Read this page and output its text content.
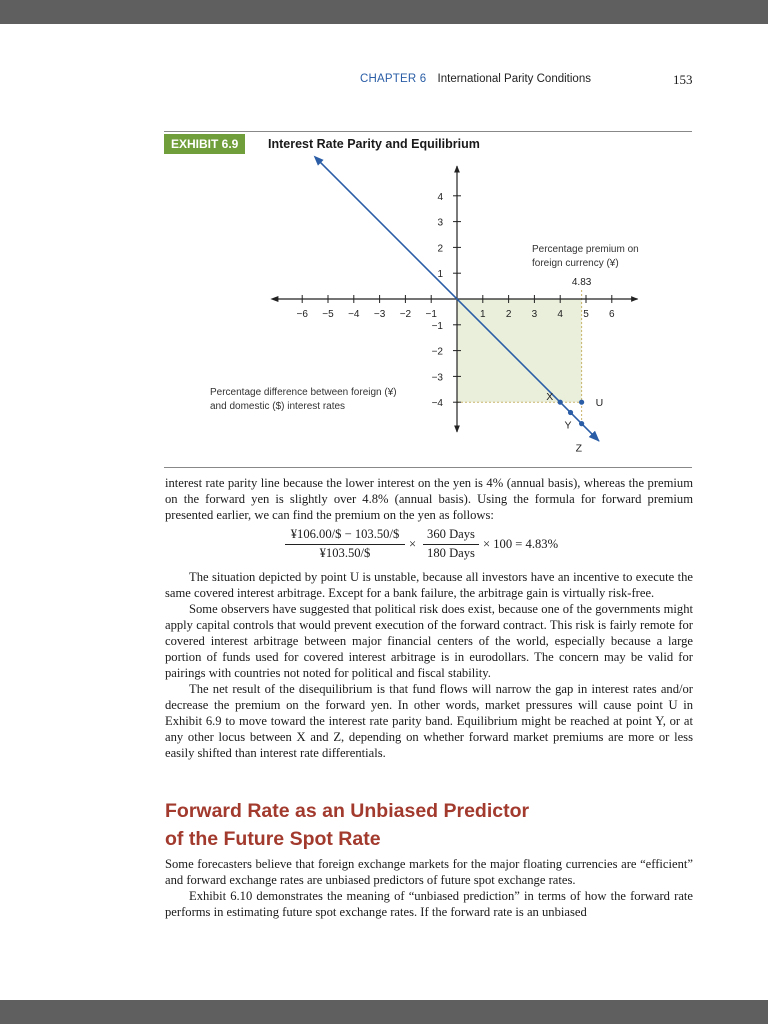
CHAPTER 6 International Parity Conditions	153
EXHIBIT 6.9	Interest Rate Parity and Equilibrium
−6 −5 −4 −3 −2 −1	1 2 3 4 5 6
4
3
2
1
−1
−2
−3
−4
X
Y
Z
U
4.83
Percentage premium on
foreign currency (¥)
Percentage difference between foreign (¥)
and domestic ($) interest rates

interest rate parity line because the lower interest on the yen is 4% (annual basis), whereas the premium on the forward yen is slightly over 4.8% (annual basis). Using the formula for forward premium presented earlier, we can find the premium on the yen as follows:

¥106.00/$ − 103.50/$
¥103.50/$
×
360 Days
180 Days
× 100 = 4.83%

The situation depicted by point U is unstable, because all investors have an incentive to execute the same covered interest arbitrage. Except for a bank failure, the arbitrage gain is virtually risk-free.

Some observers have suggested that political risk does exist, because one of the governments might apply capital controls that would prevent execution of the forward contract. This risk is fairly remote for covered interest arbitrage between major financial centers of the world, especially because a large portion of funds used for covered interest arbitrage is in eurodollars. The concern may be valid for pairings with countries not noted for political and fiscal stability.

The net result of the disequilibrium is that fund flows will narrow the gap in interest rates and/or decrease the premium on the forward yen. In other words, market pressures will cause point U in Exhibit 6.9 to move toward the interest rate parity band. Equilibrium might be reached at point Y, or at any other locus between X and Z, depending on whether forward market premiums are more or less easily shifted than interest rate differentials.

Forward Rate as an Unbiased Predictor
of the Future Spot Rate

Some forecasters believe that foreign exchange markets for the major floating currencies are “efficient” and forward exchange rates are unbiased predictors of future spot exchange rates.

Exhibit 6.10 demonstrates the meaning of “unbiased prediction” in terms of how the forward rate performs in estimating future spot exchange rates. If the forward rate is an unbiased
